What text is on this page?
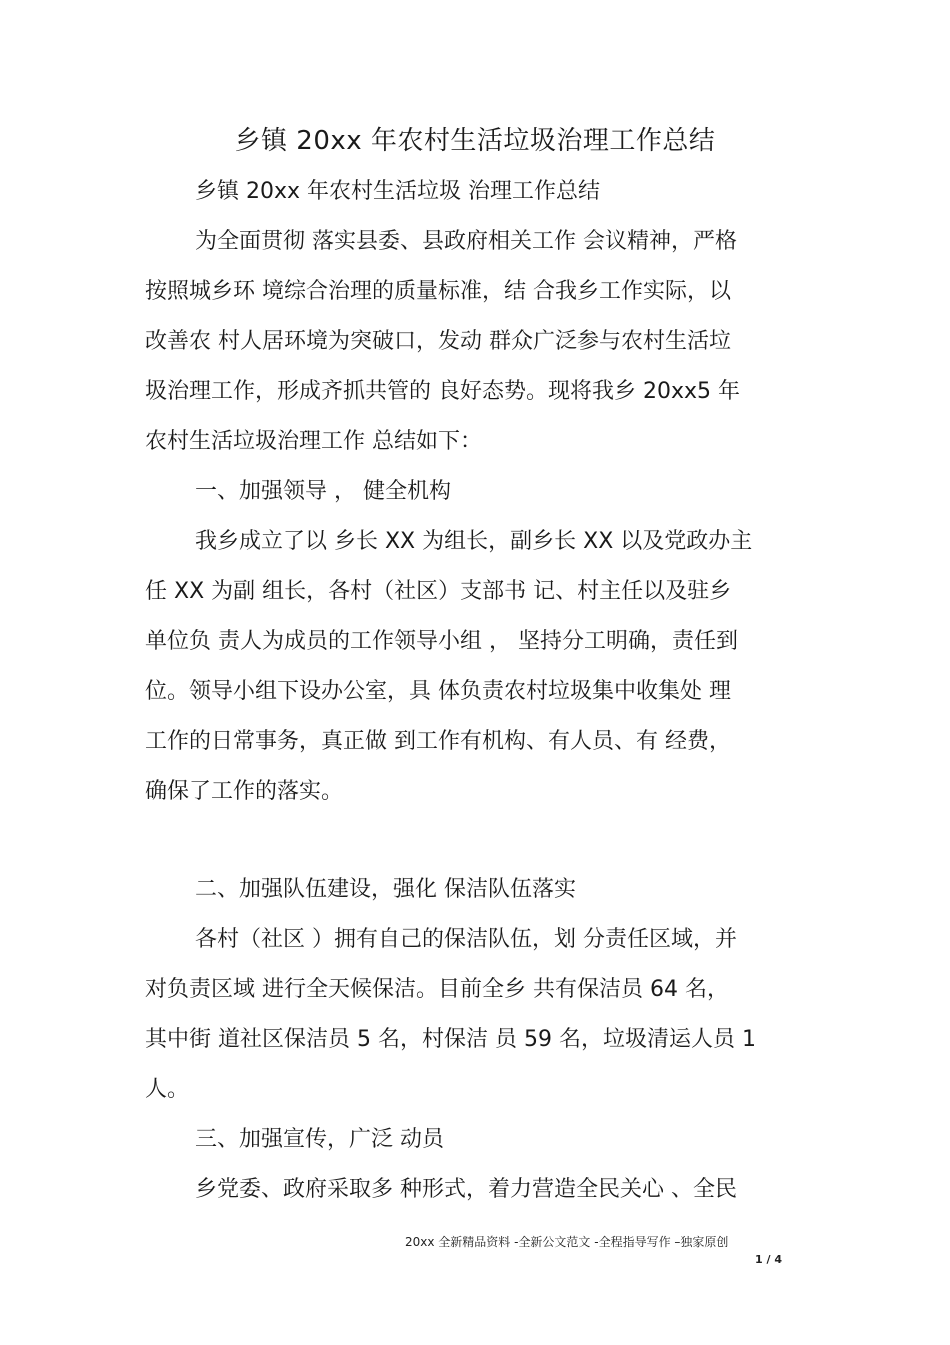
乡镇 20xx 年农村生活垃圾治理工作总结
乡镇 20xx 年农村生活垃圾 治理工作总结
为全面贯彻 落实县委、县政府相关工作 会议精神，严格
按照城乡环 境综合治理的质量标准，结 合我乡工作实际，以
改善农 村人居环境为突破口，发动 群众广泛参与农村生活垃
圾治理工作，形成齐抓共管的 良好态势。现将我乡 20xx5 年
农村生活垃圾治理工作 总结如下：
一、加强领导 ， 健全机构
我乡成立了以 乡长 XX 为组长，副乡长 XX 以及党政办主
任 XX 为副 组长，各村（社区）支部书 记、村主任以及驻乡
单位负 责人为成员的工作领导小组 ， 坚持分工明确，责任到
位。领导小组下设办公室，具 体负责农村垃圾集中收集处 理
工作的日常事务，真正做 到工作有机构、有人员、有 经费，
确保了工作的落实。
二、加强队伍建设，强化 保洁队伍落实
各村（社区 ）拥有自己的保洁队伍，划 分责任区域，并
对负责区域 进行全天候保洁。目前全乡 共有保洁员 64 名，
其中街 道社区保洁员 5 名，村保洁 员 59 名，垃圾清运人员 1
人。
三、加强宣传，广泛 动员
乡党委、政府采取多 种形式，着力营造全民关心 、全民
20xx 全新精品资料 -全新公文范文 -全程指导写作 –独家原创
1 / 4
